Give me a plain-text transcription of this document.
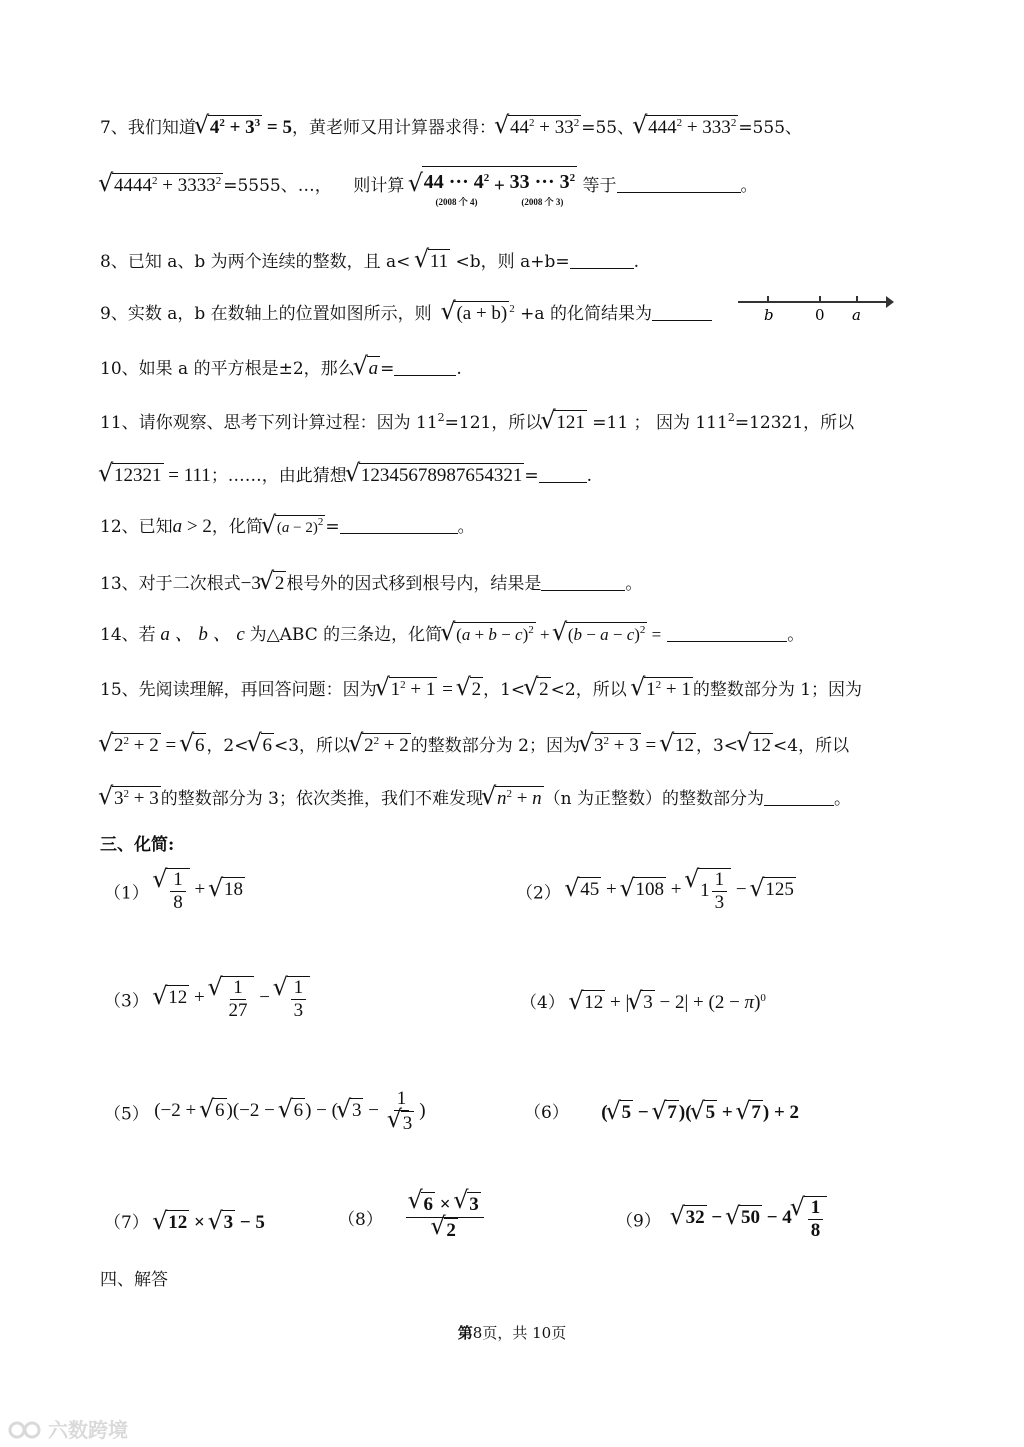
7、我们知道 √ $4^2 + 3^3 = 5$，黄老师又用计算器求得： √ $44^2 + 33^2 =55$、 √ $444^2 + 333^2 =555$、
√ $4444^2 + 3333^2 =5555$、…， 则计算 √ 44 ··· $4^2$
(2008 个 4)
+ 33 ··· $3^2$
(2008 个 3)
等于	。
8、已知 a、b 为两个连续的整数，且 a< √ 11 <b，则 a+b=	.
9、实数 a，b 在数轴上的位置如图所示，则 √ (a + b) $^2$ +a 的化简结果为	b	0 a
10、如果 a 的平方根是±2，那么 √ a =	.
11、请你观察、思考下列计算过程：因为 $11^2=121$，所以 √ 121 =11 ； 因为 $111^2=12321$，所以
√ 12321 = 111；……，由此猜想 √ 12345678987654321 =	.
12、已知a > 2，化简 √ $(a - 2)^2$ =	。
13、对于二次根式−3 √ 2 根号外的因式移到根号内，结果是	。
14、若 a 、 b 、 c 为△ABC 的三条边，化简 √ $(a + b - c)^2$ + √ $(b - a - c)^2$ =	。
15、先阅读理解，再回答问题：因为 √ $1^2 + 1$ = √ 2 ，1< √ 2 <2，所以 √ $1^2 + 1$ 的整数部分为 1；因为
√ $2^2 + 2$ = √ 6 ，2< √ 6 <3，所以 √ $2^2 + 2$ 的整数部分为 2；因为 √ $3^2 + 3$ = √ 12 ，3< √ 12 <4，所以
√ $3^2 + 3$ 的整数部分为 3；依次类推，我们不难发现 √ $n^2 + n$ （n 为正整数）的整数部分为	。
三、化简:
（1） √ $\frac{1}{8}$ + √ 18	（2） √ 45 + √ 108 + √ $1 \frac{1}{3}$ − √ 125
（3） √ 12 + √ $\frac{1}{27}$ − √ $\frac{1}{3}$	（4） √ 12 + | √ $3 - 2| + (2 - \pi)^0$
（5） (−2 + √ 6 )(−2 − √ 6 ) − ( √ 3 − 1
√ 3 )	（6） ( √ 5 − √ 7 )( √ 5 + √ 7 ) + 2
（7） √ 12 × √ 3 − 5	（8） √ 6 × √ 3
√ 2	（9） √ 32 − √ 50 − 4 √ $\frac{1}{8}$
四、解答
第8页，共 10页
六数跨境
